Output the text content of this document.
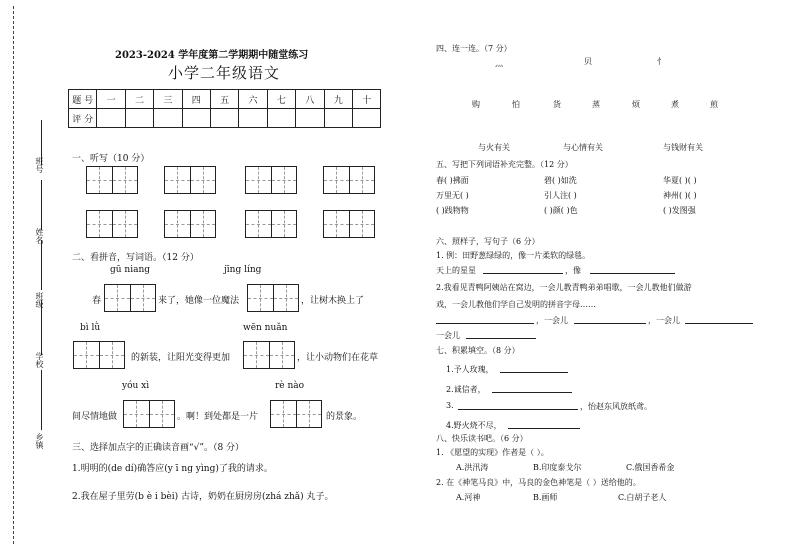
班号
姓名
班级
学校
乡镇
2023-2024 学年度第二学期期中随堂练习
小学二年级语文
题 号	一	二	三	四	五	六	七	八	九	十
评 分										
一、听写（10 分）
二、看拼音，写词语。（12 分）
gū niang	jīng líng
春	来了，她像一位魔法	，让树木换上了
bì lǜ	wēn nuǎn
的新装，让阳光变得更加	，让小动物们在花草
yóu xì	rè nào
间尽情地做	。啊！到处都是一片	的景象。
三、选择加点字的正确读音画“√”。（8 分）
1.明明的(de dí)确答应(y ī ng yìng)了我的请求。
2.我在屋子里劳(b è i bèi) 古诗，奶奶在厨房房(zhá zhǎ) 丸子。
四、连一连。（7 分）
灬	贝	忄
购	怕	货	蒸	烦	煮	煎
与火有关	与心情有关	与钱财有关
五、写把下列词语补充完整。（12 分）
春( )拂面	碧( )如洗	华夏( )( )
万里无( )	引人注( )	神州( )( )
( )践物物	( )颜( )色	( )发图强
六、照样子，写句子（6 分）
1. 例：田野葱绿绿的，像一片柔软的绿毯。
天上的星星	，像
2.我看见青鸭阿姨站在窝边，一会儿教青鸭弟弟唱歌，一会儿教他们做游
戏，一会儿教他们学自己发明的拼音字母……
，一会儿	，一会儿
一会儿
七、积累填空。（8 分）
1.予人玫瑰，
2.诚信者，
3.	，怡赵东风放纸鸢。
4.野火烧不尽，
八、快乐读书吧。（6 分）
1. 《愿望的实现》作者是（ ）。
A.洪汛涛	B.印度泰戈尔	C.俄国香希金
2. 在《神笔马良》中，马良的金色神笔是（ ）送给他的。
A.河神	B.画师	C.白胡子老人
